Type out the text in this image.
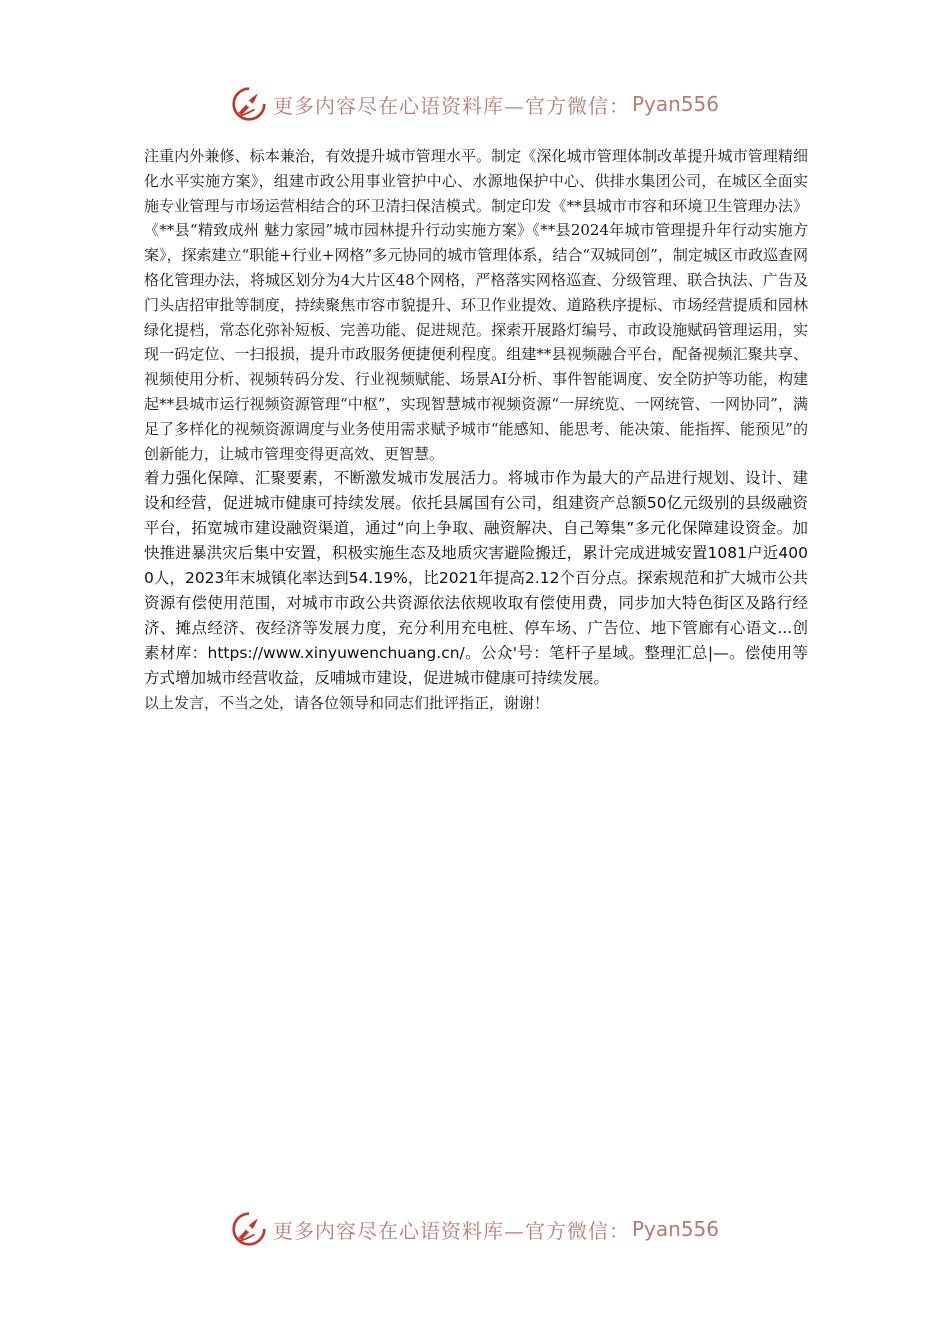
更多内容尽在心语资料库—官方微信： Pyan556

注重内外兼修、标本兼治，有效提升城市管理水平。制定《深化城市管理体制改革提升城市管理精细化水平实施方案》，组建市政公用事业管护中心、水源地保护中心、供排水集团公司，在城区全面实施专业管理与市场运营相结合的环卫清扫保洁模式。制定印发《**县城市市容和环境卫生管理办法》《**县“精致成州 魅力家园”城市园林提升行动实施方案》《**县2024年城市管理提升年行动实施方案》，探索建立“职能+行业+网格”多元协同的城市管理体系，结合“双城同创”，制定城区市政巡查网格化管理办法，将城区划分为4大片区48个网格，严格落实网格巡查、分级管理、联合执法、广告及门头店招审批等制度，持续聚焦市容市貌提升、环卫作业提效、道路秩序提标、市场经营提质和园林绿化提档，常态化弥补短板、完善功能、促进规范。探索开展路灯编号、市政设施赋码管理运用，实现一码定位、一扫报损，提升市政服务便捷便利程度。组建**县视频融合平台，配备视频汇聚共享、视频使用分析、视频转码分发、行业视频赋能、场景AI分析、事件智能调度、安全防护等功能，构建起**县城市运行视频资源管理“中枢”，实现智慧城市视频资源“一屏统览、一网统管、一网协同”，满足了多样化的视频资源调度与业务使用需求赋予城市“能感知、能思考、能决策、能指挥、能预见”的创新能力，让城市管理变得更高效、更智慧。

着力强化保障、汇聚要素，不断激发城市发展活力。将城市作为最大的产品进行规划、设计、建设和经营，促进城市健康可持续发展。依托县属国有公司，组建资产总额50亿元级别的县级融资平台，拓宽城市建设融资渠道，通过“向上争取、融资解决、自己筹集”多元化保障建设资金。加快推进暴洪灾后集中安置，积极实施生态及地质灾害避险搬迁，累计完成进城安置1081户近4000人，2023年末城镇化率达到54.19%，比2021年提高2.12个百分点。探索规范和扩大城市公共资源有偿使用范围，对城市市政公共资源依法依规收取有偿使用费，同步加大特色街区及路行经济、摊点经济、夜经济等发展力度，充分利用充电桩、停车场、广告位、地下管廊有心语文...创素材库：https://www.xinyuwenchuang.cn/。公众'号：笔杆子星域。整理汇总|—。偿使用等方式增加城市经营收益，反哺城市建设，促进城市健康可持续发展。

以上发言，不当之处，请各位领导和同志们批评指正，谢谢！

更多内容尽在心语资料库—官方微信： Pyan556
